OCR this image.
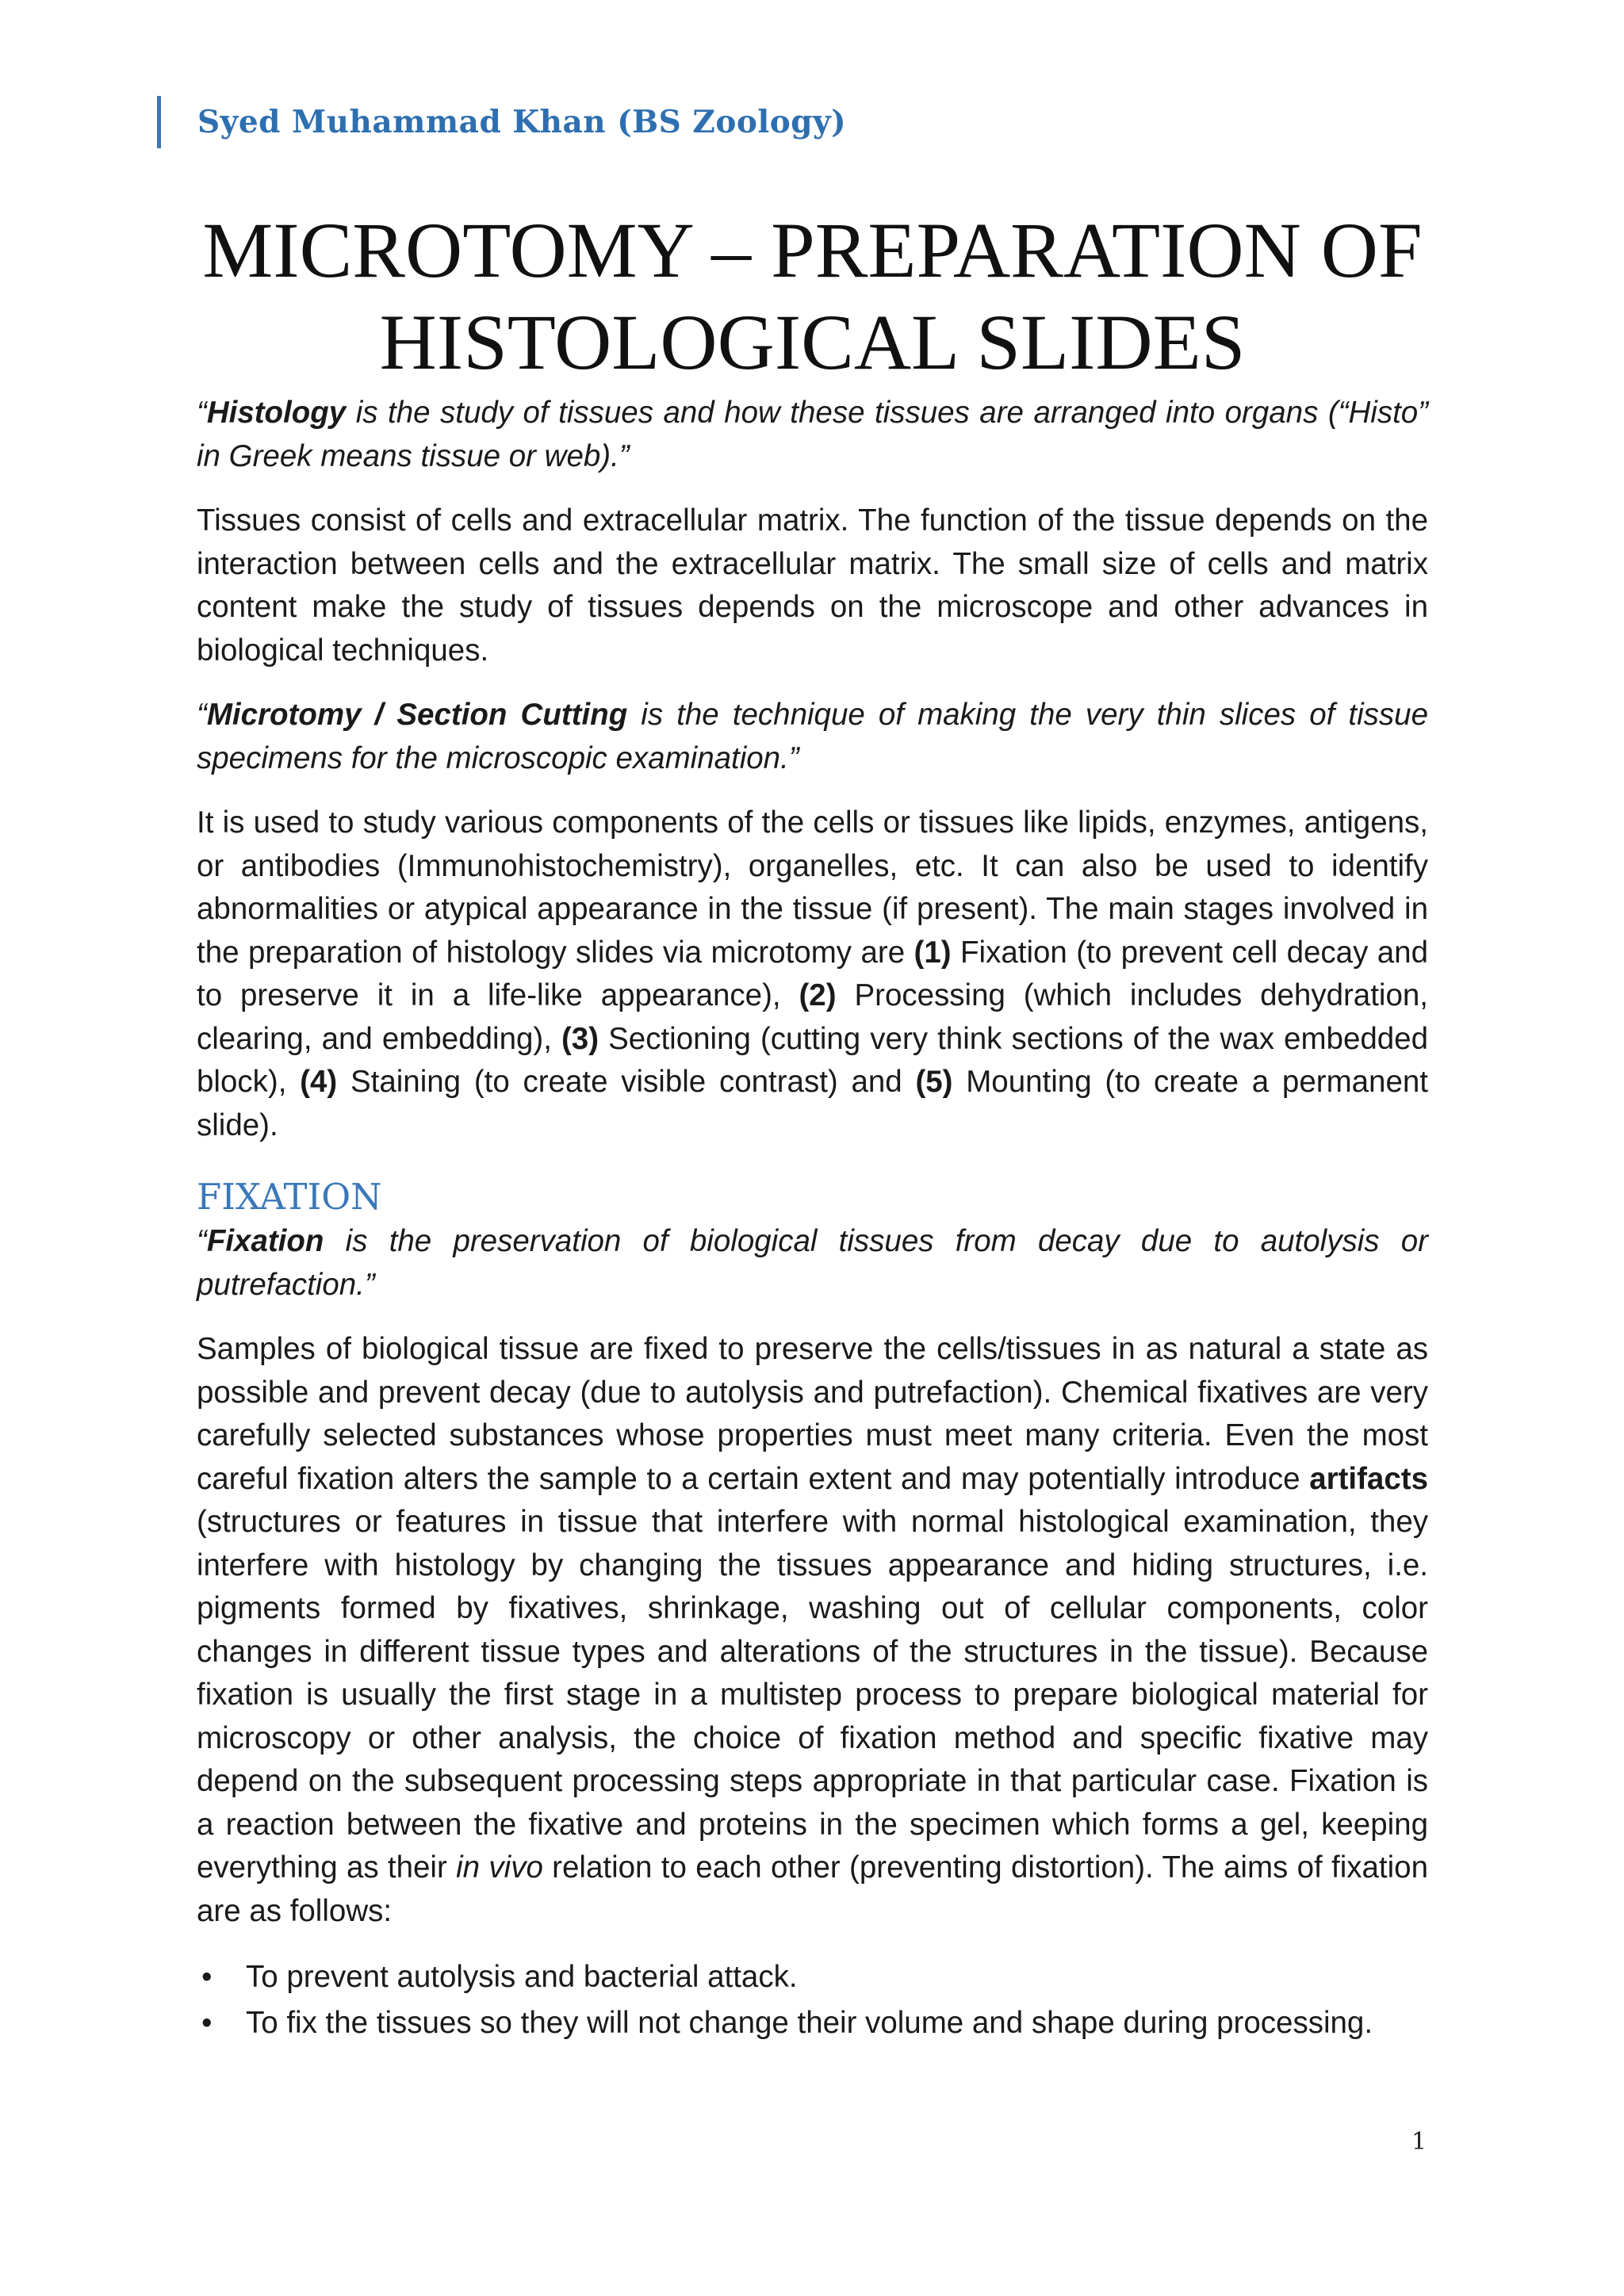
Syed Muhammad Khan (BS Zoology)
MICROTOMY – PREPARATION OF
HISTOLOGICAL SLIDES

“Histology is the study of tissues and how these tissues are arranged into organs (“Histo” in Greek means tissue or web).”

Tissues consist of cells and extracellular matrix. The function of the tissue depends on the interaction between cells and the extracellular matrix. The small size of cells and matrix content make the study of tissues depends on the microscope and other advances in biological techniques.

“Microtomy / Section Cutting is the technique of making the very thin slices of tissue specimens for the microscopic examination.”

It is used to study various components of the cells or tissues like lipids, enzymes, antigens, or antibodies (Immunohistochemistry), organelles, etc. It can also be used to identify abnormalities or atypical appearance in the tissue (if present). The main stages involved in the preparation of histology slides via microtomy are (1) Fixation (to prevent cell decay and to preserve it in a life-like appearance), (2) Processing (which includes dehydration, clearing, and embedding), (3) Sectioning (cutting very think sections of the wax embedded block), (4) Staining (to create visible contrast) and (5) Mounting (to create a permanent slide).

FIXATION

“Fixation is the preservation of biological tissues from decay due to autolysis or putrefaction.”

Samples of biological tissue are fixed to preserve the cells/tissues in as natural a state as possible and prevent decay (due to autolysis and putrefaction). Chemical fixatives are very carefully selected substances whose properties must meet many criteria. Even the most careful fixation alters the sample to a certain extent and may potentially introduce artifacts (structures or features in tissue that interfere with normal histological examination, they interfere with histology by changing the tissues appearance and hiding structures, i.e. pigments formed by fixatives, shrinkage, washing out of cellular components, color changes in different tissue types and alterations of the structures in the tissue). Because fixation is usually the first stage in a multistep process to prepare biological material for microscopy or other analysis, the choice of fixation method and specific fixative may depend on the subsequent processing steps appropriate in that particular case. Fixation is a reaction between the fixative and proteins in the specimen which forms a gel, keeping everything as their in vivo relation to each other (preventing distortion). The aims of fixation are as follows:

• To prevent autolysis and bacterial attack.
• To fix the tissues so they will not change their volume and shape during processing.
1
